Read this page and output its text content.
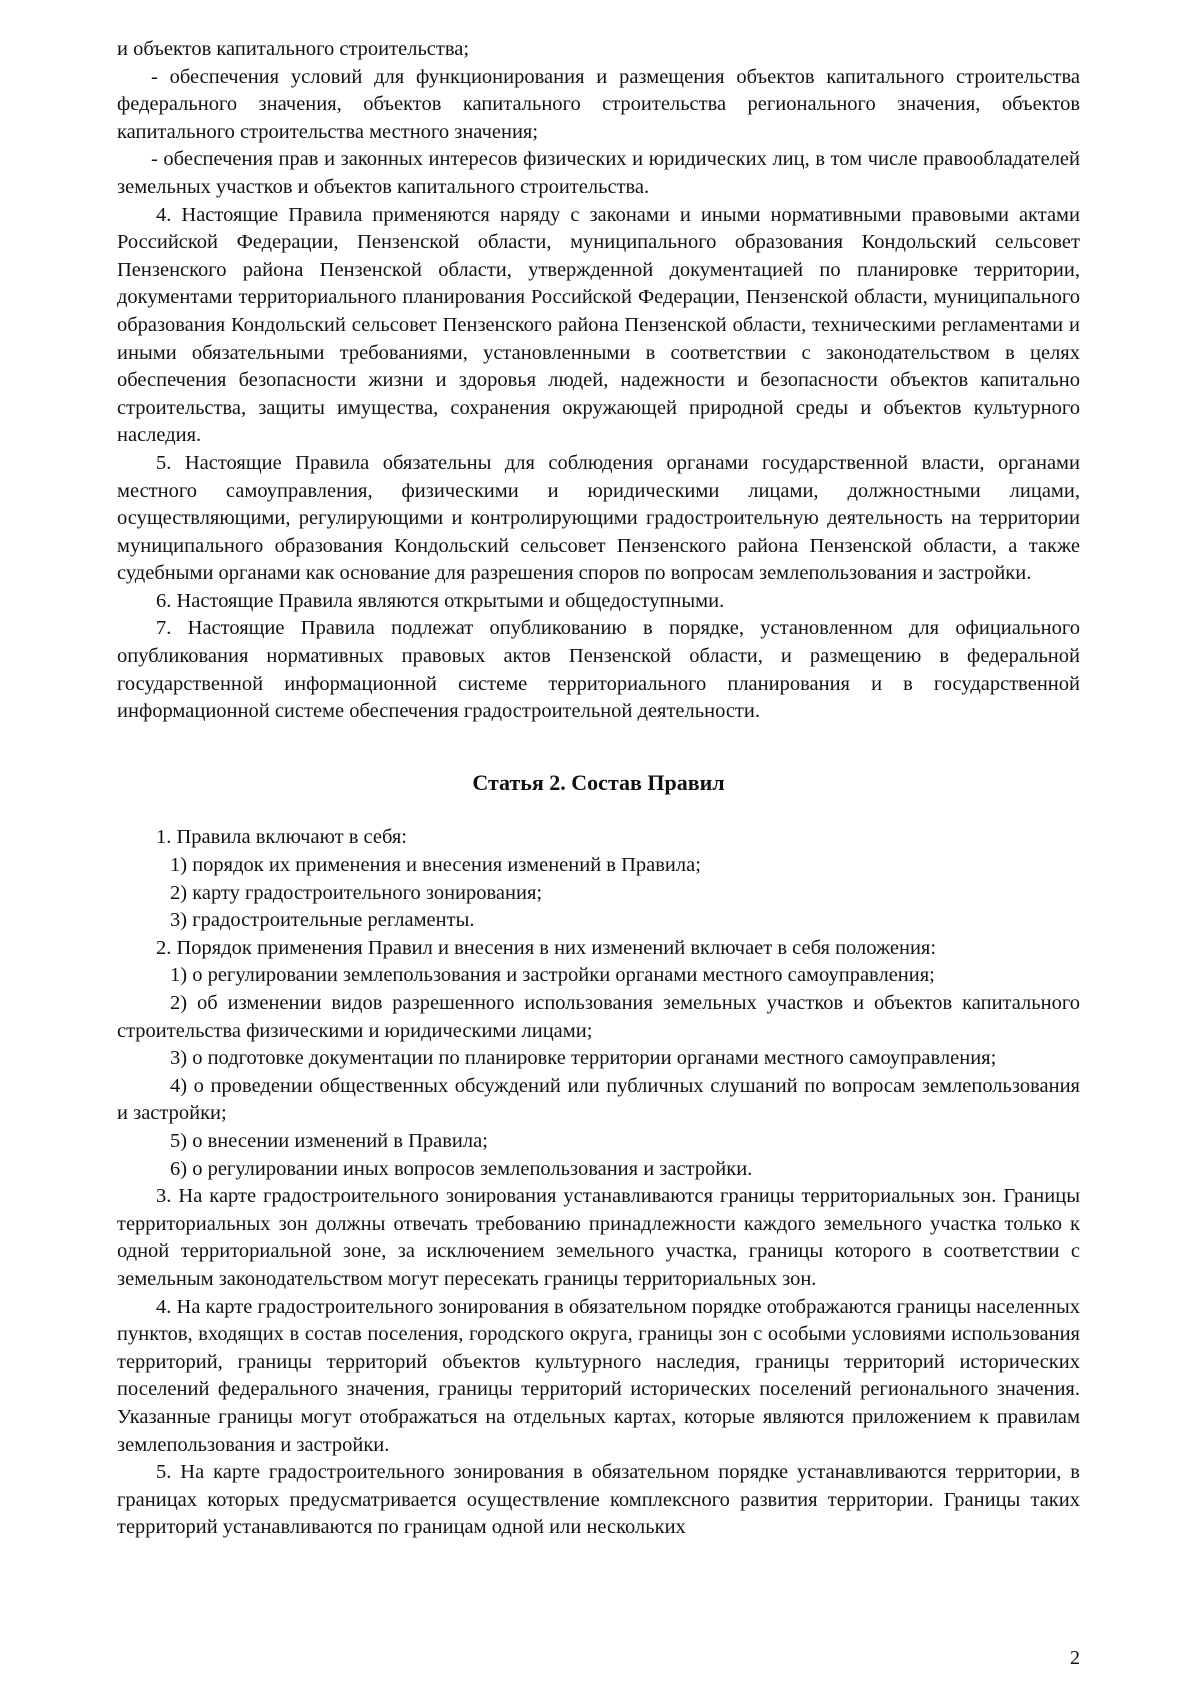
и объектов капитального строительства;

- обеспечения условий для функционирования и размещения объектов капитального строительства федерального значения, объектов капитального строительства регионального значения, объектов капитального строительства местного значения;

- обеспечения прав и законных интересов физических и юридических лиц, в том числе правообладателей земельных участков и объектов капитального строительства.

4. Настоящие Правила применяются наряду с законами и иными нормативными правовыми актами Российской Федерации, Пензенской области, муниципального образования Кондольский сельсовет Пензенского района Пензенской области, утвержденной документацией по планировке территории, документами территориального планирования Российской Федерации, Пензенской области, муниципального образования Кондольский сельсовет Пензенского района Пензенской области, техническими регламентами и иными обязательными требованиями, установленными в соответствии с законодательством в целях обеспечения безопасности жизни и здоровья людей, надежности и безопасности объектов капитально строительства, защиты имущества, сохранения окружающей природной среды и объектов культурного наследия.

5. Настоящие Правила обязательны для соблюдения органами государственной власти, органами местного самоуправления, физическими и юридическими лицами, должностными лицами, осуществляющими, регулирующими и контролирующими градостроительную деятельность на территории муниципального образования Кондольский сельсовет Пензенского района Пензенской области, а также судебными органами как основание для разрешения споров по вопросам землепользования и застройки.

6. Настоящие Правила являются открытыми и общедоступными.

7. Настоящие Правила подлежат опубликованию в порядке, установленном для официального опубликования нормативных правовых актов Пензенской области, и размещению в федеральной государственной информационной системе территориального планирования и в государственной информационной системе обеспечения градостроительной деятельности.

Статья 2. Состав Правил

1. Правила включают в себя:

1) порядок их применения и внесения изменений в Правила;

2) карту градостроительного зонирования;

3) градостроительные регламенты.

2. Порядок применения Правил и внесения в них изменений включает в себя положения:

1) о регулировании землепользования и застройки органами местного самоуправления;

2) об изменении видов разрешенного использования земельных участков и объектов капитального строительства физическими и юридическими лицами;

3) о подготовке документации по планировке территории органами местного самоуправления;

4) о проведении общественных обсуждений или публичных слушаний по вопросам землепользования и застройки;

5) о внесении изменений в Правила;

6) о регулировании иных вопросов землепользования и застройки.

3. На карте градостроительного зонирования устанавливаются границы территориальных зон. Границы территориальных зон должны отвечать требованию принадлежности каждого земельного участка только к одной территориальной зоне, за исключением земельного участка, границы которого в соответствии с земельным законодательством могут пересекать границы территориальных зон.

4. На карте градостроительного зонирования в обязательном порядке отображаются границы населенных пунктов, входящих в состав поселения, городского округа, границы зон с особыми условиями использования территорий, границы территорий объектов культурного наследия, границы территорий исторических поселений федерального значения, границы территорий исторических поселений регионального значения. Указанные границы могут отображаться на отдельных картах, которые являются приложением к правилам землепользования и застройки.

5. На карте градостроительного зонирования в обязательном порядке устанавливаются территории, в границах которых предусматривается осуществление комплексного развития территории. Границы таких территорий устанавливаются по границам одной или нескольких

2
